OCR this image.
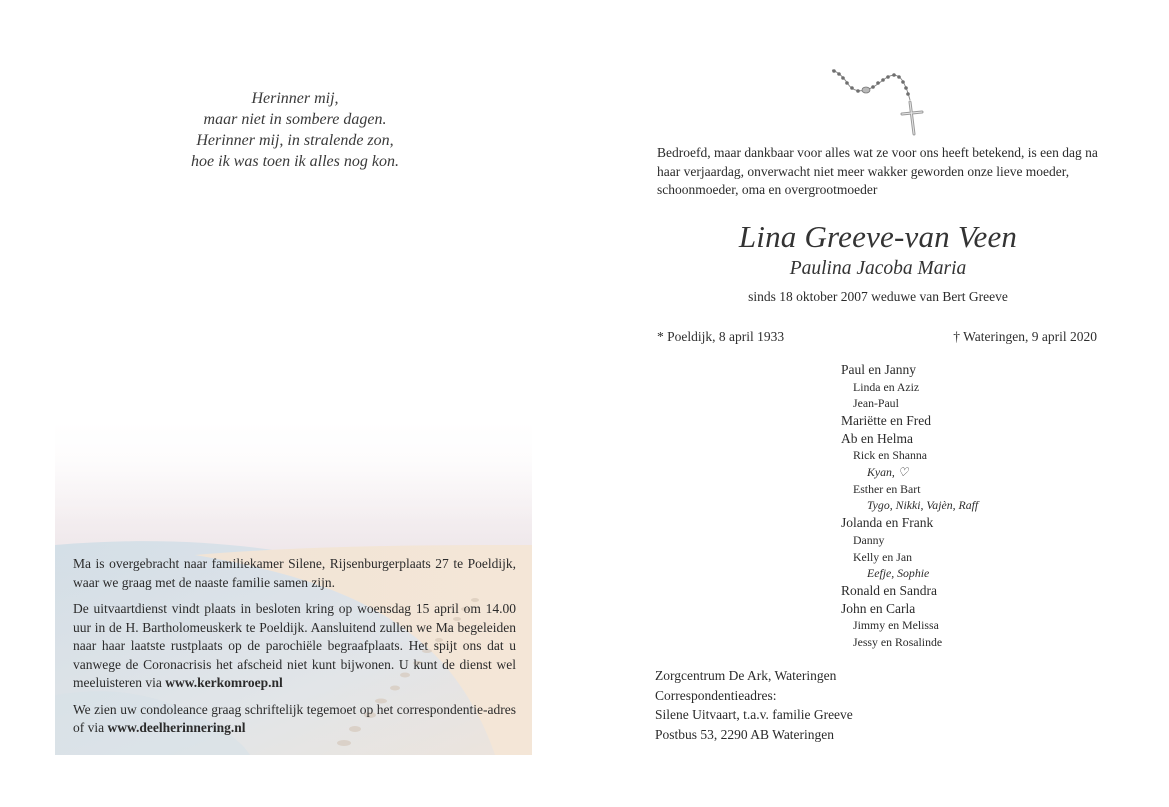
Herinner mij,
maar niet in sombere dagen.
Herinner mij, in stralende zon,
hoe ik was toen ik alles nog kon.

Ma is overgebracht naar familiekamer Silene, Rijsenburgerplaats 27 te Poeldijk, waar we graag met de naaste familie samen zijn.

De uitvaartdienst vindt plaats in besloten kring op woensdag 15 april om 14.00 uur in de H. Bartholomeuskerk te Poeldijk. Aansluitend zullen we Ma begeleiden naar haar laatste rustplaats op de parochiële begraafplaats. Het spijt ons dat u vanwege de Coronacrisis het afscheid niet kunt bijwonen. U kunt de dienst wel meeluisteren via www.kerkomroep.nl

We zien uw condoleance graag schriftelijk tegemoet op het correspondentie-adres of via www.deelherinnering.nl

Bedroefd, maar dankbaar voor alles wat ze voor ons heeft betekend, is een dag na haar verjaardag, onverwacht niet meer wakker geworden onze lieve moeder, schoonmoeder, oma en overgrootmoeder
Lina Greeve-van Veen
Paulina Jacoba Maria
sinds 18 oktober 2007 weduwe van Bert Greeve
* Poeldijk, 8 april 1933	† Wateringen, 9 april 2020
Paul en Janny
Linda en Aziz
Jean-Paul
Mariëtte en Fred
Ab en Helma
Rick en Shanna
Kyan, ♡
Esther en Bart
Tygo, Nikki, Vajèn, Raff
Jolanda en Frank
Danny
Kelly en Jan
Eefje, Sophie
Ronald en Sandra
John en Carla
Jimmy en Melissa
Jessy en Rosalinde
Zorgcentrum De Ark, Wateringen
Correspondentieadres:
Silene Uitvaart, t.a.v. familie Greeve
Postbus 53, 2290 AB Wateringen
